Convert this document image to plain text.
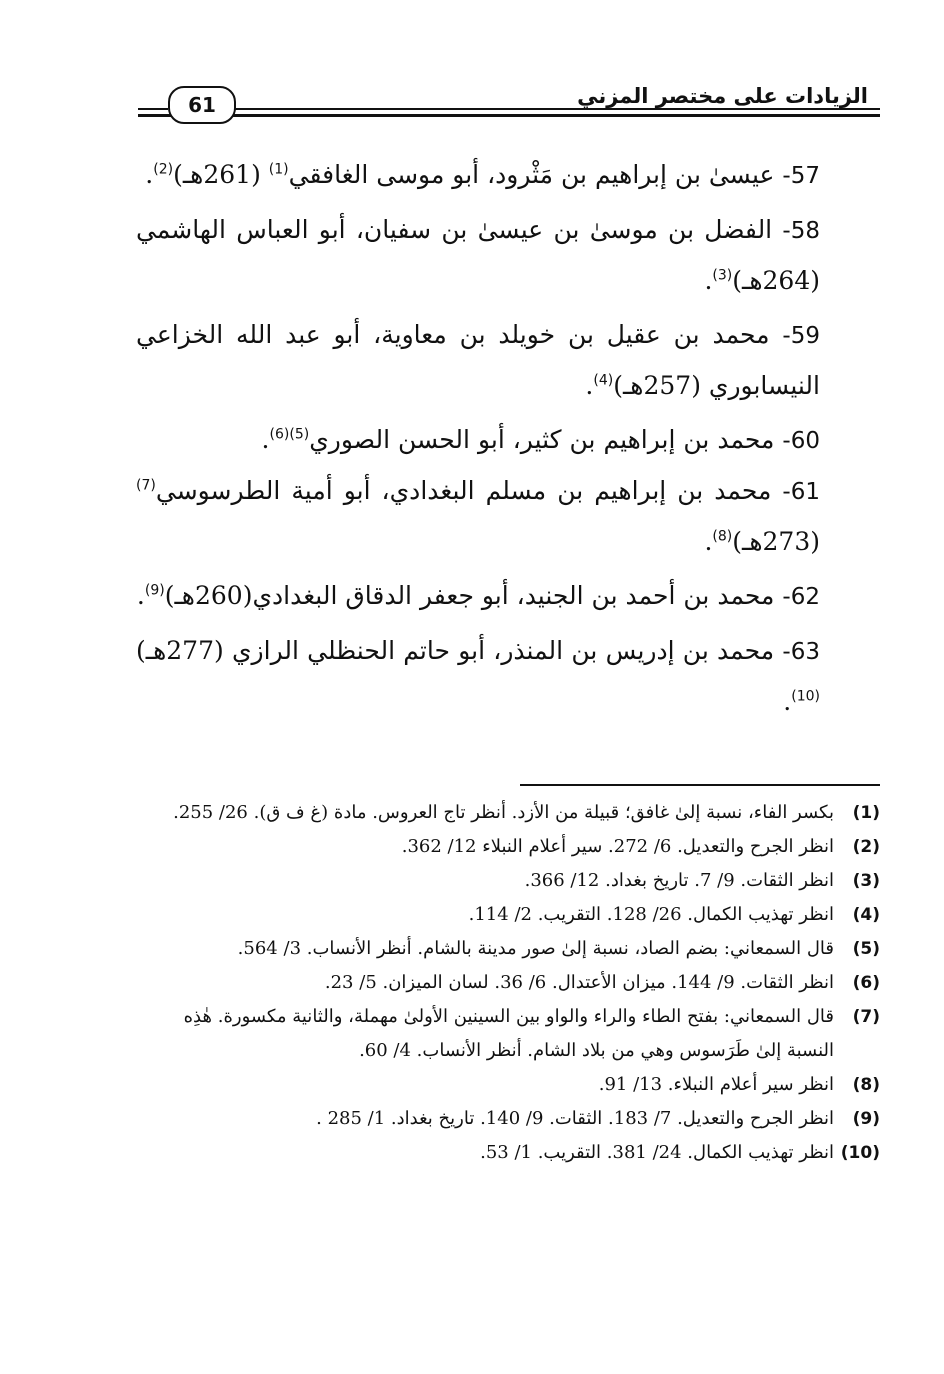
61	الزيادات على مختصر المزني

57- عيسىٰ بن إبراهيم بن مَثْرود، أبو موسى الغافقي$^{(1)}$ (261هـ)$^{(2)}$.

58- الفضل بن موسىٰ بن عيسىٰ بن سفيان، أبو العباس الهاشمي (264هـ)$^{(3)}$.

59- محمد بن عقيل بن خويلد بن معاوية، أبو عبد الله الخزاعي النيسابوري (257هـ)$^{(4)}$.

60- محمد بن إبراهيم بن كثير، أبو الحسن الصوري$^{(5)(6)}$.

61- محمد بن إبراهيم بن مسلم البغدادي، أبو أمية الطرسوسي$^{(7)}$ (273هـ)$^{(8)}$.

62- محمد بن أحمد بن الجنيد، أبو جعفر الدقاق البغدادي(260هـ)$^{(9)}$.

63- محمد بن إدريس بن المنذر، أبو حاتم الحنظلي الرازي (277هـ)$^{(10)}$.

(1)
بكسر الفاء، نسبة إلىٰ غافق؛ قبيلة من الأزد. أنظر تاج العروس. مادة (غ ف ق). 26/ 255.
(2)
انظر الجرح والتعديل. 6/ 272. سير أعلام النبلاء 12/ 362.
(3)
انظر الثقات. 9/ 7. تاريخ بغداد. 12/ 366.
(4)
انظر تهذيب الكمال. 26/ 128. التقريب. 2/ 114.
(5)
قال السمعاني: بضم الصاد، نسبة إلىٰ صور مدينة بالشام. أنظر الأنساب. 3/ 564.
(6)
انظر الثقات. 9/ 144. ميزان الأعتدال. 6/ 36. لسان الميزان. 5/ 23.
(7)
قال السمعاني: بفتح الطاء والراء والواو بين السينين الأولىٰ مهملة، والثانية مكسورة. هٰذِه النسبة إلىٰ طَرَسوس وهي من بلاد الشام. أنظر الأنساب. 4/ 60.
(8)
انظر سير أعلام النبلاء. 13/ 91.
(9)
انظر الجرح والتعديل. 7/ 183. الثقات. 9/ 140. تاريخ بغداد. 1/ 285 .
(10)
انظر تهذيب الكمال. 24/ 381. التقريب. 1/ 53.
